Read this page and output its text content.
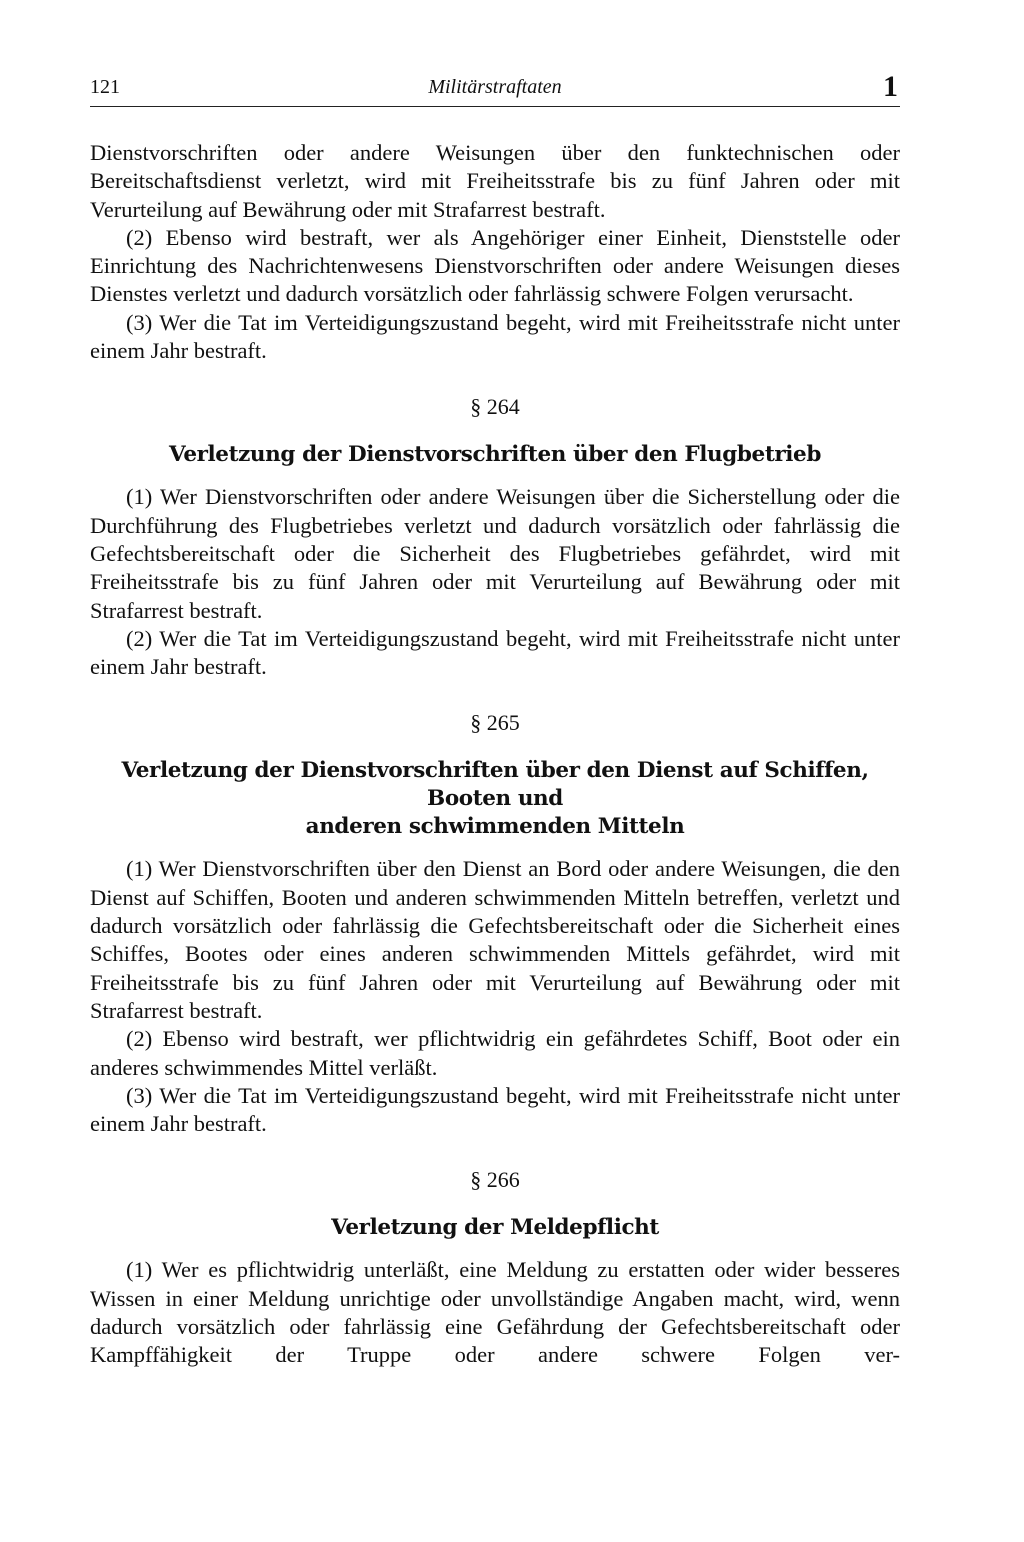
121	Militärstraftaten	1

Dienstvorschriften oder andere Weisungen über den funktechnischen oder Bereitschaftsdienst verletzt, wird mit Freiheitsstrafe bis zu fünf Jahren oder mit Verurteilung auf Bewährung oder mit Strafarrest bestraft.

(2) Ebenso wird bestraft, wer als Angehöriger einer Einheit, Dienststelle oder Einrichtung des Nachrichtenwesens Dienstvorschriften oder andere Weisungen dieses Dienstes verletzt und dadurch vorsätzlich oder fahrlässig schwere Folgen verursacht.

(3) Wer die Tat im Verteidigungszustand begeht, wird mit Freiheitsstrafe nicht unter einem Jahr bestraft.

§ 264
Verletzung der Dienstvorschriften über den Flugbetrieb

(1) Wer Dienstvorschriften oder andere Weisungen über die Sicherstellung oder die Durchführung des Flugbetriebes verletzt und dadurch vorsätzlich oder fahrlässig die Gefechtsbereitschaft oder die Sicherheit des Flugbetriebes gefährdet, wird mit Freiheitsstrafe bis zu fünf Jahren oder mit Verurteilung auf Bewährung oder mit Strafarrest bestraft.

(2) Wer die Tat im Verteidigungszustand begeht, wird mit Freiheitsstrafe nicht unter einem Jahr bestraft.

§ 265
Verletzung der Dienstvorschriften über den Dienst auf Schiffen, Booten und
anderen schwimmenden Mitteln

(1) Wer Dienstvorschriften über den Dienst an Bord oder andere Weisungen, die den Dienst auf Schiffen, Booten und anderen schwimmenden Mitteln betreffen, verletzt und dadurch vorsätzlich oder fahrlässig die Gefechtsbereitschaft oder die Sicherheit eines Schiffes, Bootes oder eines anderen schwimmenden Mittels gefährdet, wird mit Freiheitsstrafe bis zu fünf Jahren oder mit Verurteilung auf Bewährung oder mit Strafarrest bestraft.

(2) Ebenso wird bestraft, wer pflichtwidrig ein gefährdetes Schiff, Boot oder ein anderes schwimmendes Mittel verläßt.

(3) Wer die Tat im Verteidigungszustand begeht, wird mit Freiheitsstrafe nicht unter einem Jahr bestraft.

§ 266
Verletzung der Meldepflicht

(1) Wer es pflichtwidrig unterläßt, eine Meldung zu erstatten oder wider besseres Wissen in einer Meldung unrichtige oder unvollständige Angaben macht, wird, wenn dadurch vorsätzlich oder fahrlässig eine Gefährdung der Gefechtsbereitschaft oder Kampffähigkeit der Truppe oder andere schwere Folgen ver-
